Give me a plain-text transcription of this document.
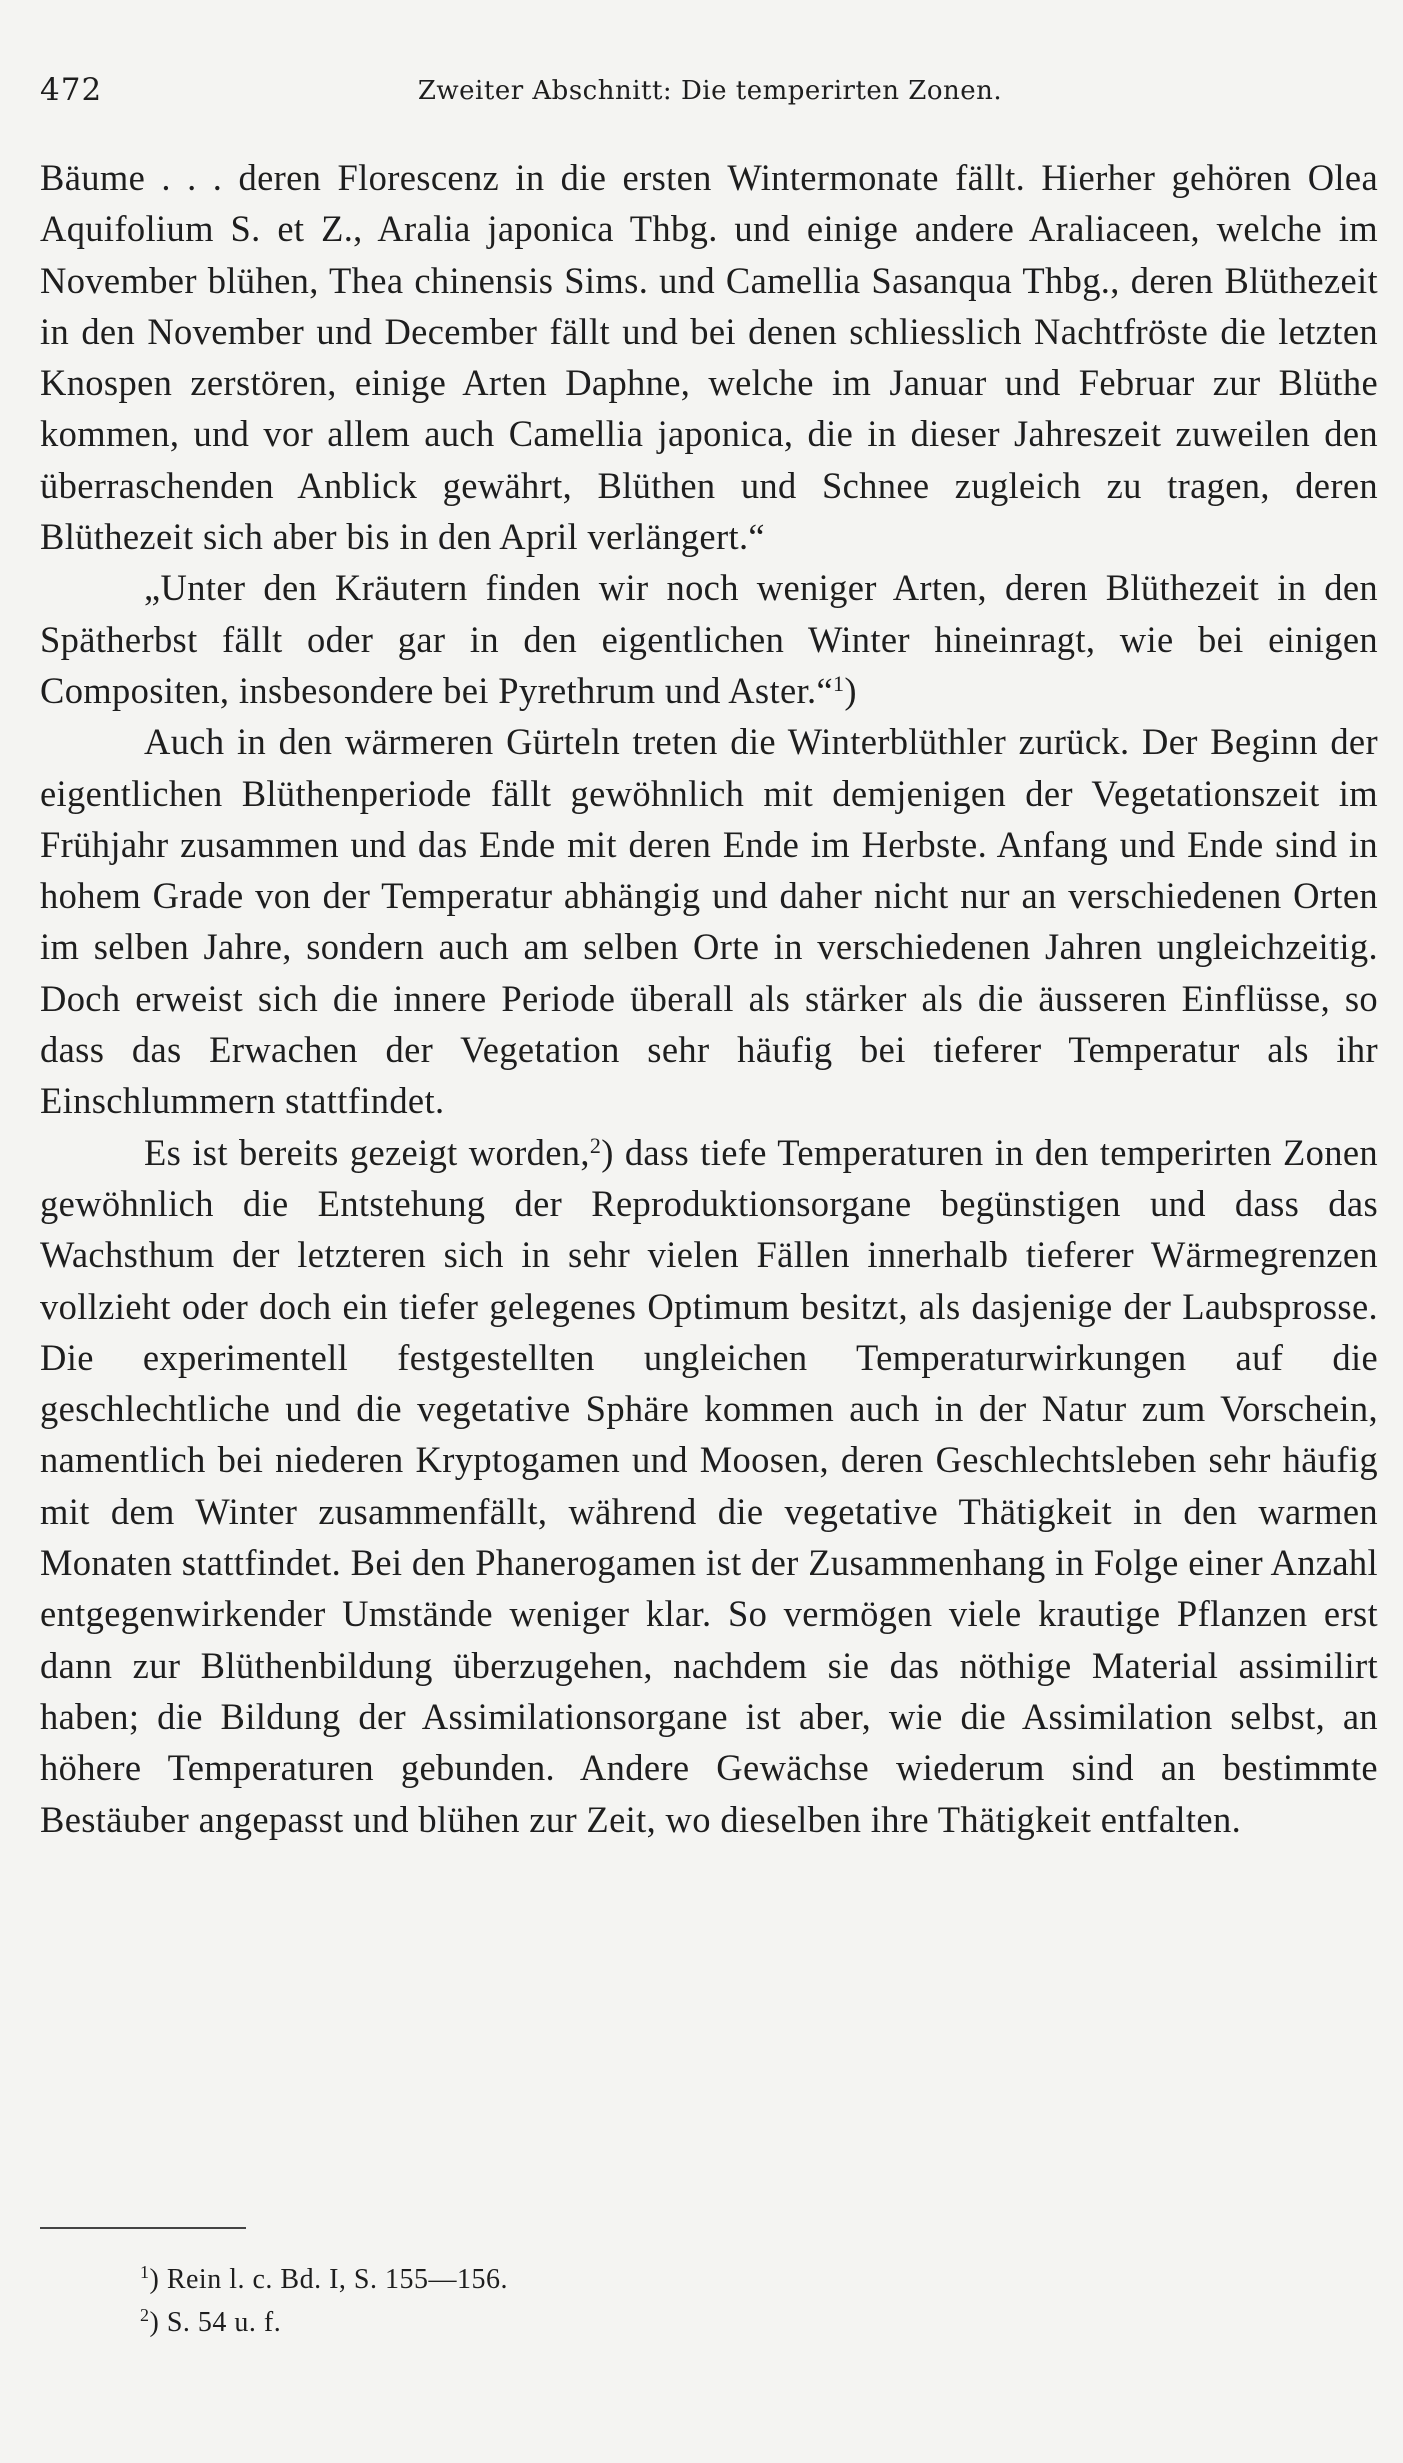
472	Zweiter Abschnitt: Die temperirten Zonen.

Bäume . . . deren Florescenz in die ersten Wintermonate fällt. Hierher gehören Olea Aquifolium S. et Z., Aralia japonica Thbg. und einige andere Araliaceen, welche im November blühen, Thea chinensis Sims. und Camellia Sasanqua Thbg., deren Blüthezeit in den November und December fällt und bei denen schliesslich Nachtfröste die letzten Knospen zerstören, einige Arten Daphne, welche im Januar und Februar zur Blüthe kommen, und vor allem auch Camellia japonica, die in dieser Jahreszeit zuweilen den überraschenden Anblick gewährt, Blüthen und Schnee zugleich zu tragen, deren Blüthezeit sich aber bis in den April verlängert.“

„Unter den Kräutern finden wir noch weniger Arten, deren Blüthezeit in den Spätherbst fällt oder gar in den eigentlichen Winter hineinragt, wie bei einigen Compositen, insbesondere bei Pyrethrum und Aster.“$^1$)

Auch in den wärmeren Gürteln treten die Winterblüthler zurück. Der Beginn der eigentlichen Blüthenperiode fällt gewöhnlich mit demjenigen der Vegetationszeit im Frühjahr zusammen und das Ende mit deren Ende im Herbste. Anfang und Ende sind in hohem Grade von der Temperatur abhängig und daher nicht nur an verschiedenen Orten im selben Jahre, sondern auch am selben Orte in verschiedenen Jahren ungleichzeitig. Doch erweist sich die innere Periode überall als stärker als die äusseren Einflüsse, so dass das Erwachen der Vegetation sehr häufig bei tieferer Temperatur als ihr Einschlummern stattfindet.

Es ist bereits gezeigt worden,$^2$) dass tiefe Temperaturen in den temperirten Zonen gewöhnlich die Entstehung der Reproduktionsorgane begünstigen und dass das Wachsthum der letzteren sich in sehr vielen Fällen innerhalb tieferer Wärmegrenzen vollzieht oder doch ein tiefer gelegenes Optimum besitzt, als dasjenige der Laubsprosse. Die experimentell festgestellten ungleichen Temperaturwirkungen auf die geschlechtliche und die vegetative Sphäre kommen auch in der Natur zum Vorschein, namentlich bei niederen Kryptogamen und Moosen, deren Geschlechtsleben sehr häufig mit dem Winter zusammenfällt, während die vegetative Thätigkeit in den warmen Monaten stattfindet. Bei den Phanerogamen ist der Zusammenhang in Folge einer Anzahl entgegenwirkender Umstände weniger klar. So vermögen viele krautige Pflanzen erst dann zur Blüthenbildung überzugehen, nachdem sie das nöthige Material assimilirt haben; die Bildung der Assimilationsorgane ist aber, wie die Assimilation selbst, an höhere Temperaturen gebunden. Andere Gewächse wiederum sind an bestimmte Bestäuber angepasst und blühen zur Zeit, wo dieselben ihre Thätigkeit entfalten.

$^1$) Rein l. c. Bd. I, S. 155—156.
$^2$) S. 54 u. f.
